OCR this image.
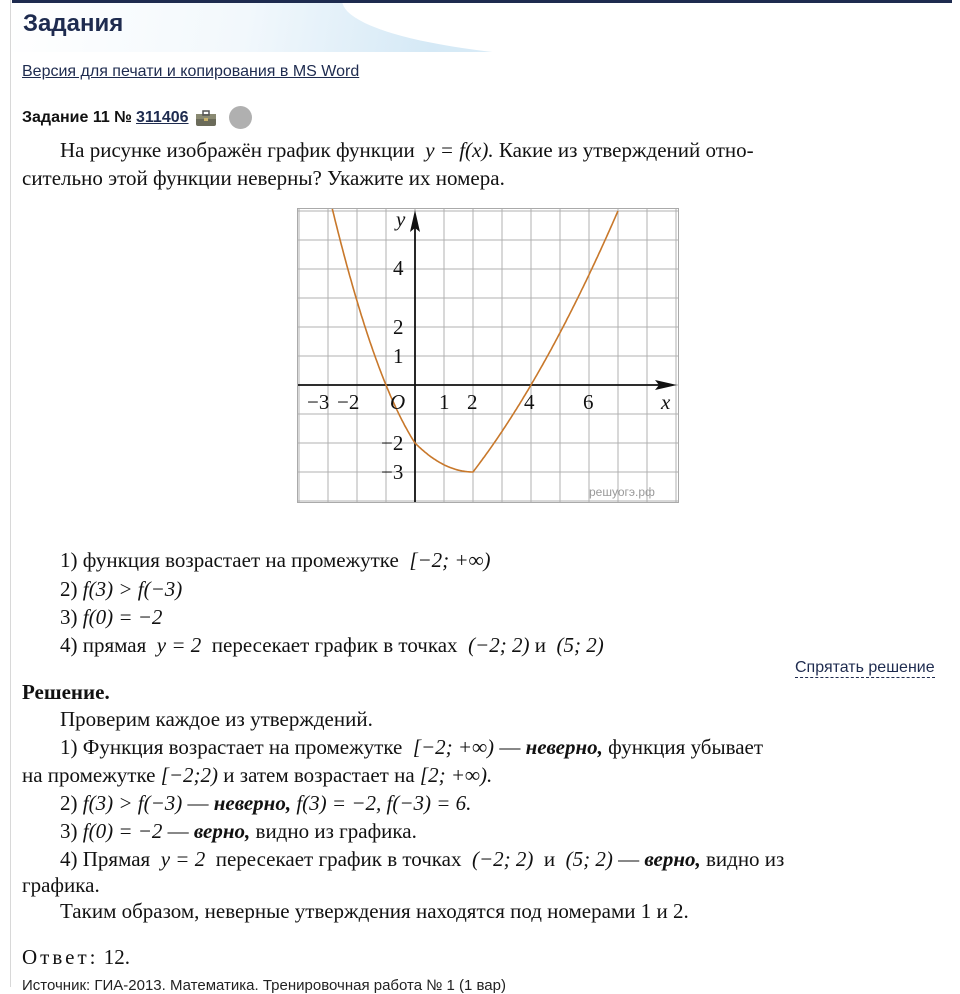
Задания
Версия для печати и копирования в MS Word
Задание 11 № 311406
На рисунке изображён график функции y = f(x). Какие из утверждений отно-
сительно этой функции неверны? Укажите их номера.
−3 −2	1 2 4 6
4
2
1
−2
−3
O	x
y
решуогэ.рф
1) функция возрастает на промежутке [−2; +∞)
2) f(3) > f(−3)
3) f(0) = −2
4) прямая y = 2 пересекает график в точках (−2; 2) и (5; 2)
Спрятать решение
Решение.
Проверим каждое из утверждений.
1) Функция возрастает на промежутке [−2; +∞) — неверно, функция убывает
на промежутке [−2;2) и затем возрастает на [2; +∞).
2) f(3) > f(−3) — неверно, f(3) = −2, f(−3) = 6.
3) f(0) = −2 — верно, видно из графика.
4) Прямая y = 2 пересекает график в точках (−2; 2) и (5; 2) — верно, видно из
графика.
Таким образом, неверные утверждения находятся под номерами 1 и 2.
Ответ: 12.
Источник: ГИА-2013. Математика. Тренировочная работа № 1 (1 вар)
